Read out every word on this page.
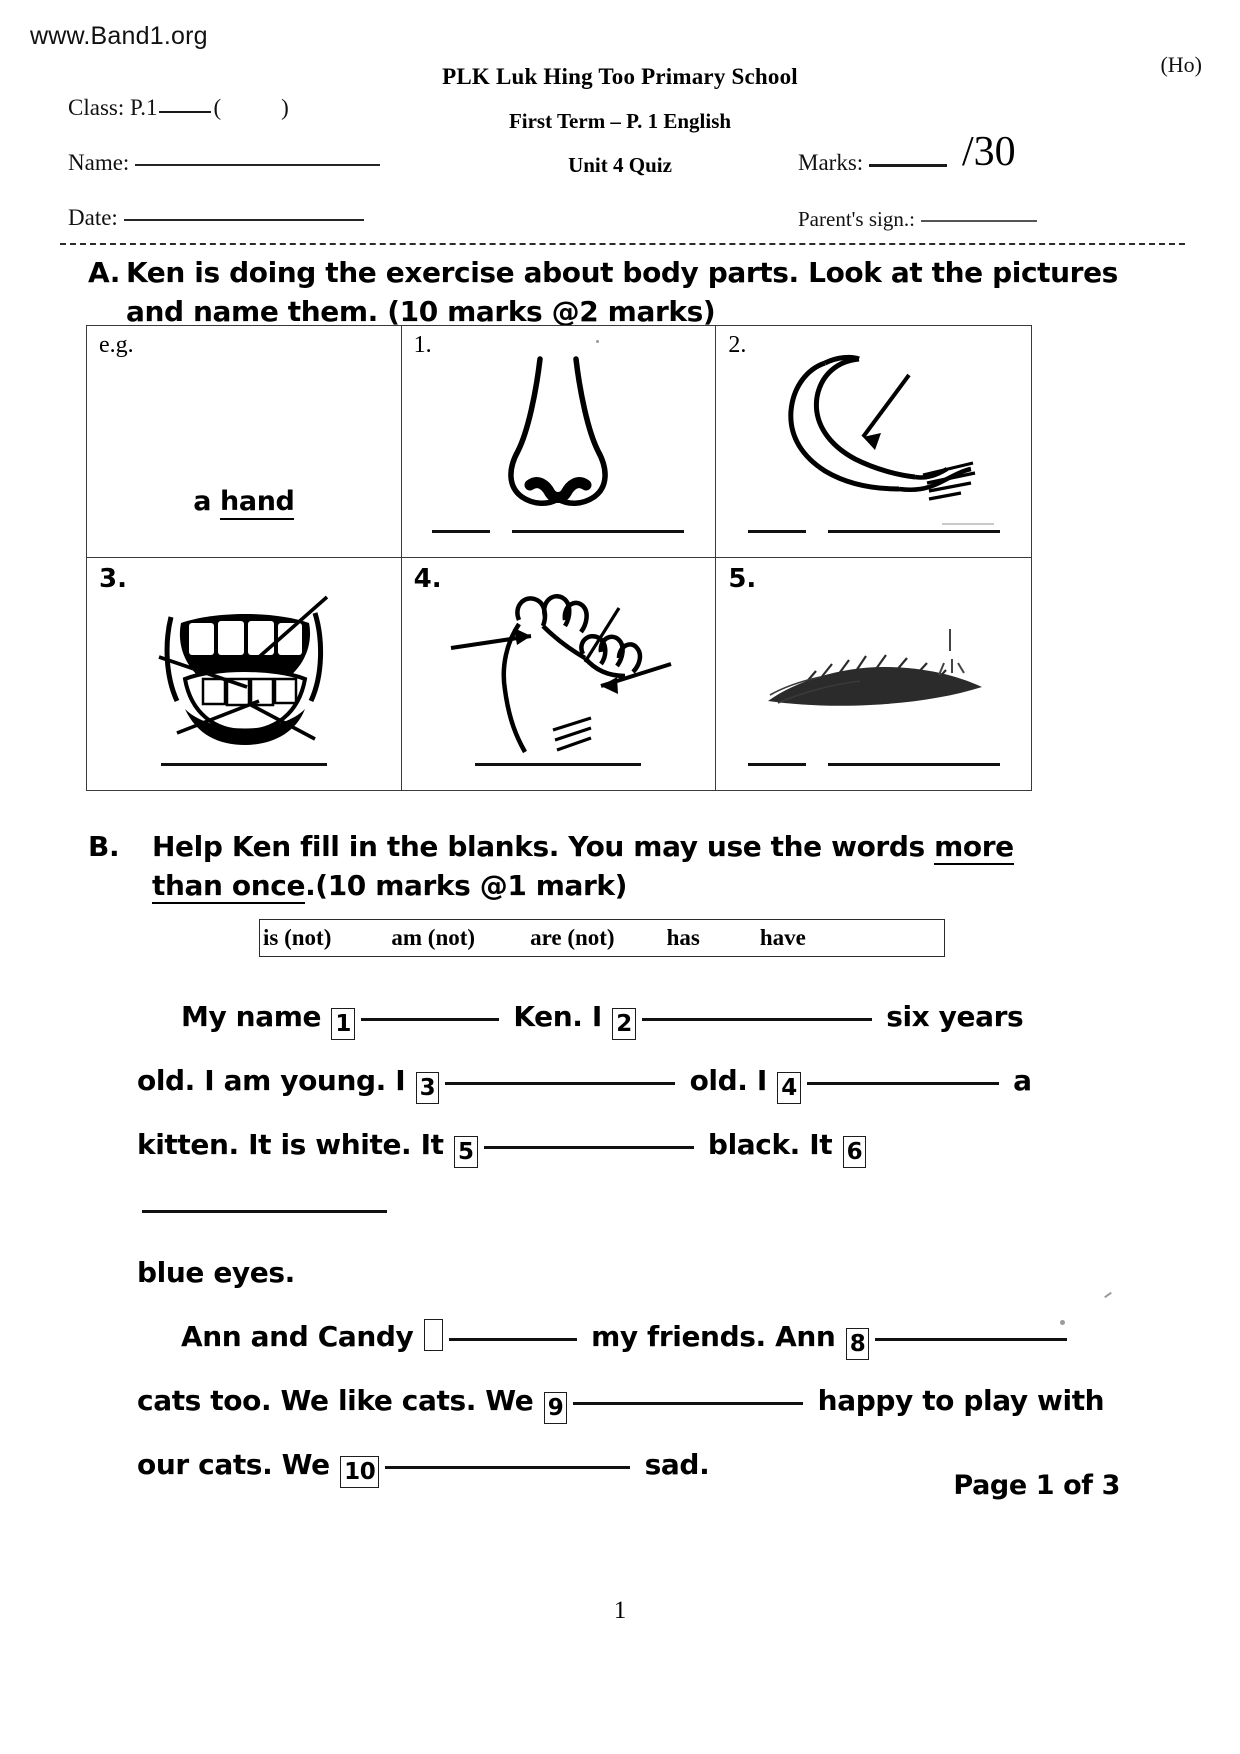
www.Band1.org
(Ho)
PLK Luk Hing Too Primary School
First Term – P. 1 English
Unit 4 Quiz
Class: P.1 (	)
Name:
Date:
Marks:	/30
Parent's sign.:
A. Ken is doing the exercise about body parts. Look at the pictures
and name them. (10 marks @2 marks)
e.g.
a hand
1.	2.
3.	4.	5.
B. Help Ken fill in the blanks. You may use the words more
than once.(10 marks @1 mark)
is (not)	am (not) are (not) has	have

My name 1	Ken. I 2	six years

old. I am young. I 3	old. I 4	a

kitten. It is white. It 5	black. It 6

blue eyes.

Ann and Candy	my friends. Ann 8

cats too. We like cats. We 9	happy to play with

our cats. We 10	sad.

Page 1 of 3
1
